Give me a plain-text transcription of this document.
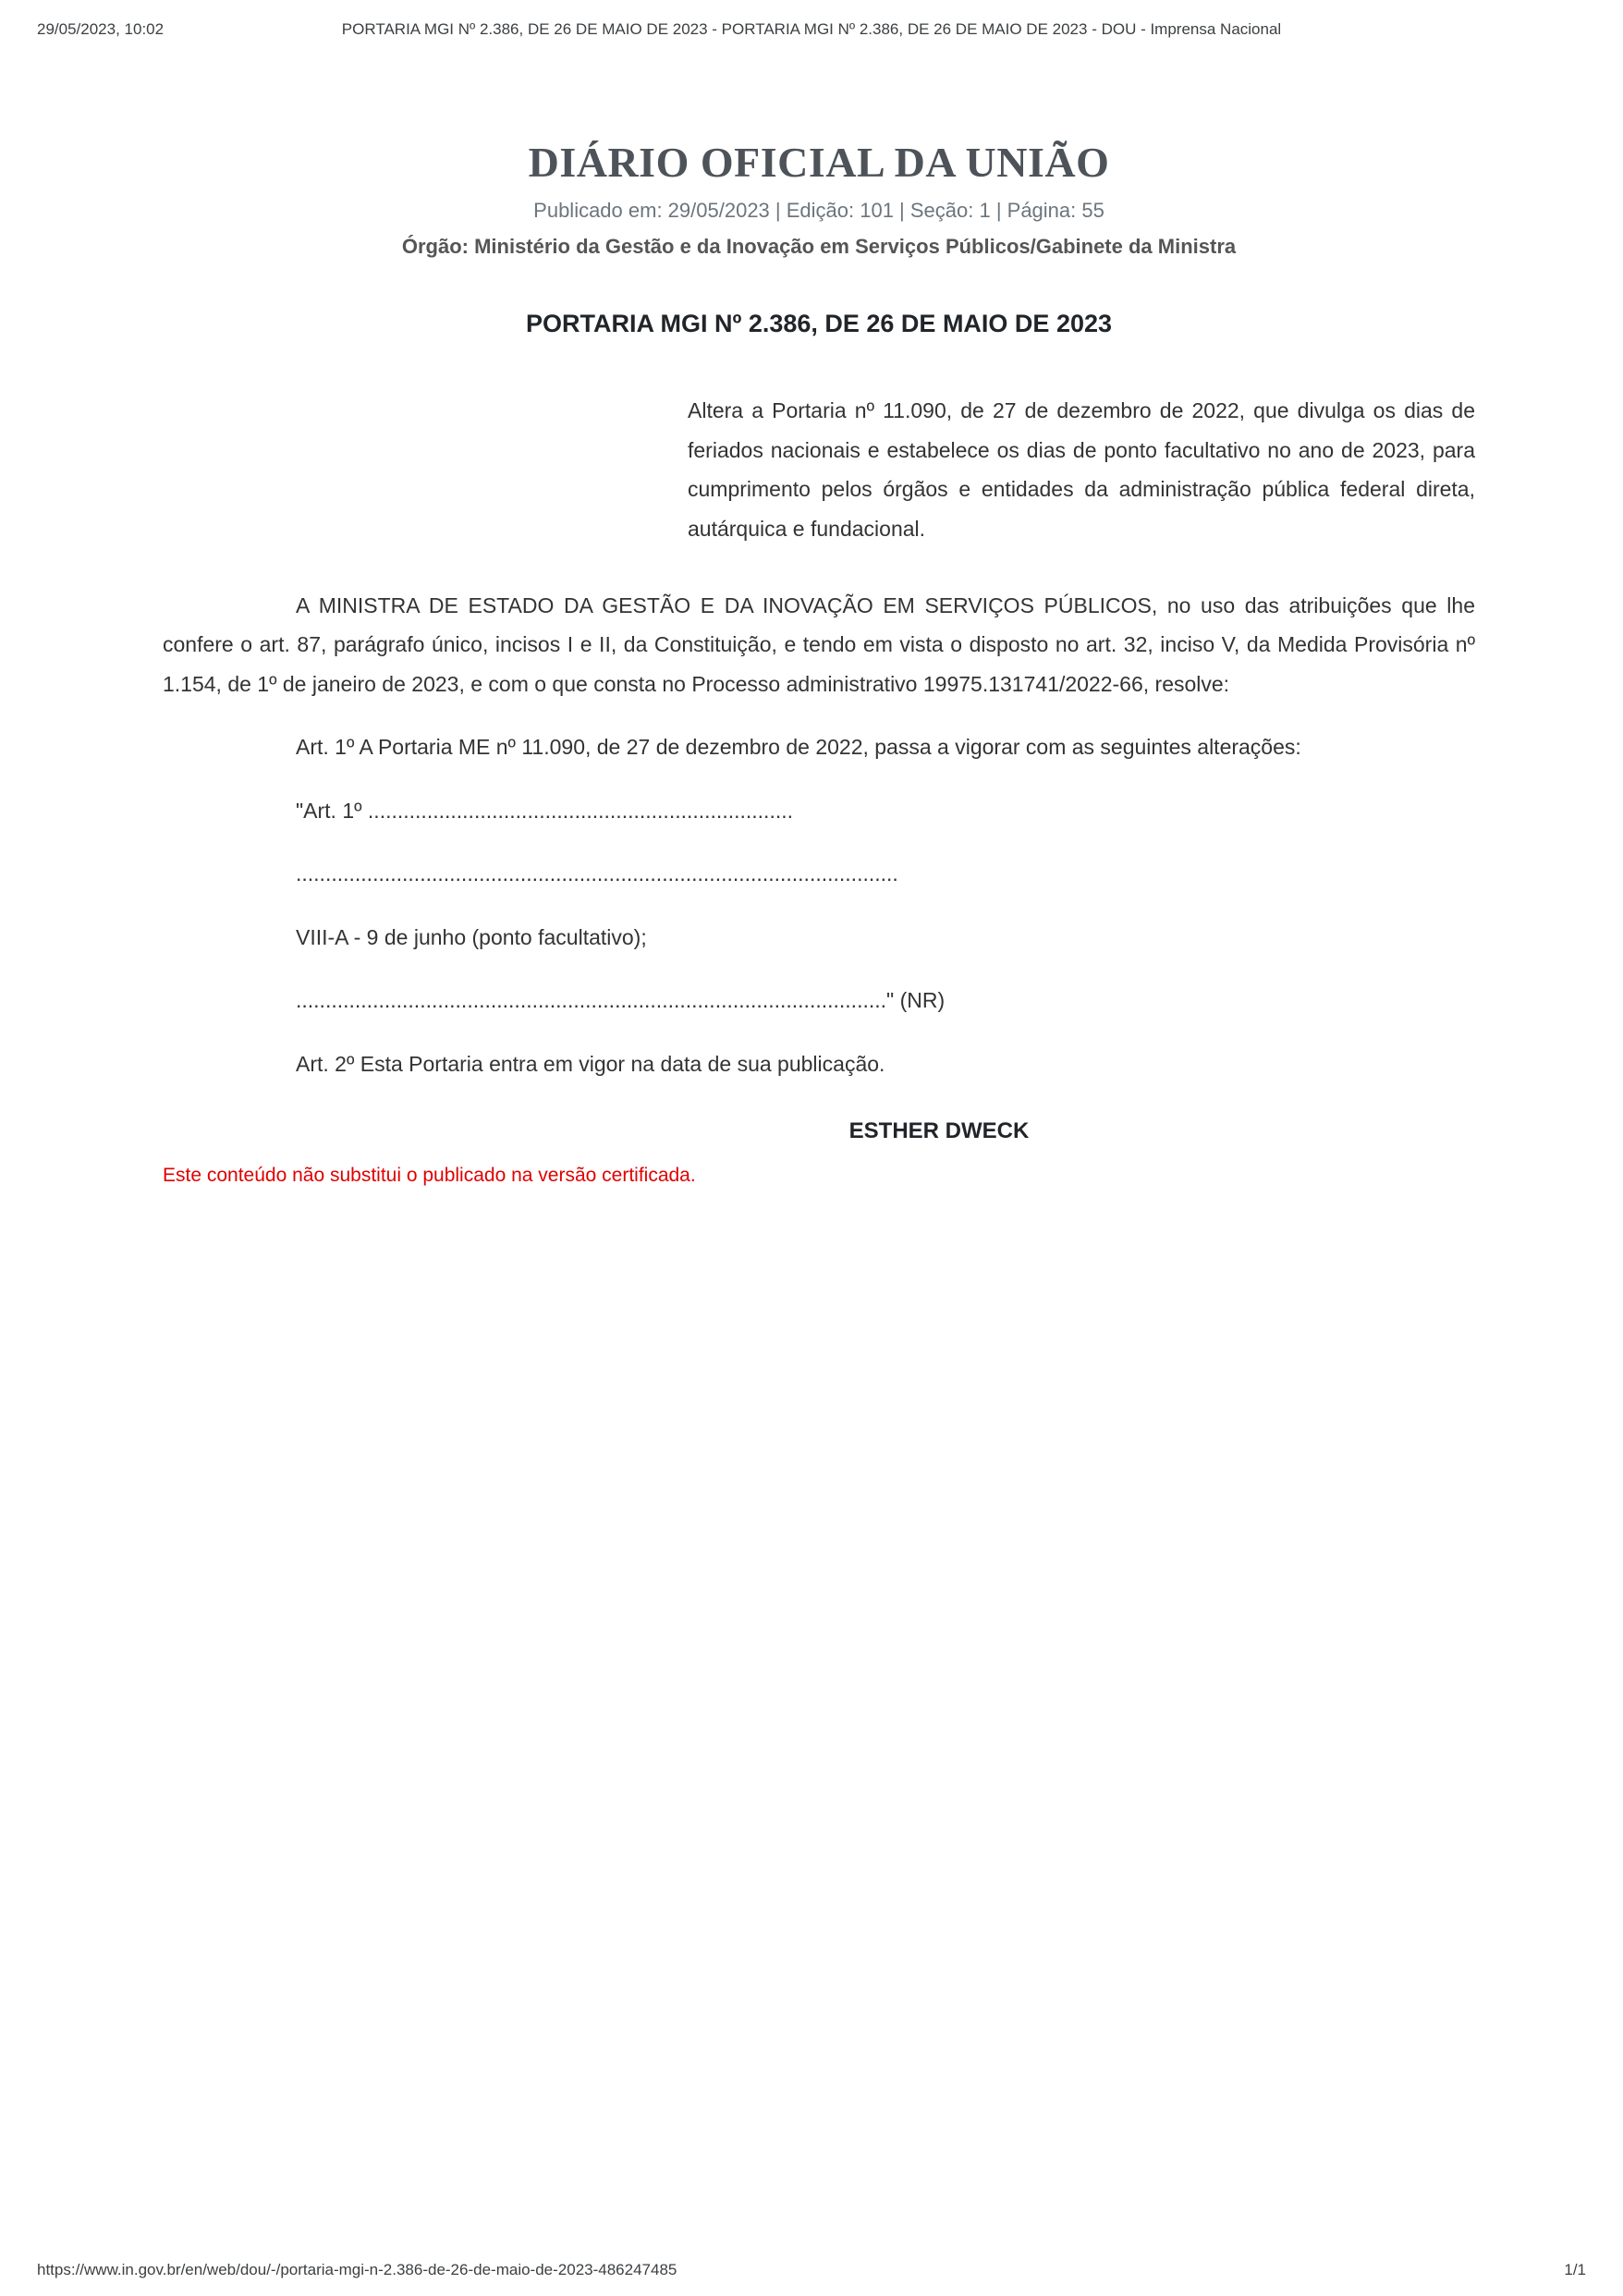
29/05/2023, 10:02	PORTARIA MGI Nº 2.386, DE 26 DE MAIO DE 2023 - PORTARIA MGI Nº 2.386, DE 26 DE MAIO DE 2023 - DOU - Imprensa Nacional
DIÁRIO OFICIAL DA UNIÃO

Publicado em: 29/05/2023 | Edição: 101 | Seção: 1 | Página: 55

Órgão: Ministério da Gestão e da Inovação em Serviços Públicos/Gabinete da Ministra

PORTARIA MGI Nº 2.386, DE 26 DE MAIO DE 2023

Altera a Portaria nº 11.090, de 27 de dezembro de 2022, que divulga os dias de feriados nacionais e estabelece os dias de ponto facultativo no ano de 2023, para cumprimento pelos órgãos e entidades da administração pública federal direta, autárquica e fundacional.

A MINISTRA DE ESTADO DA GESTÃO E DA INOVAÇÃO EM SERVIÇOS PÚBLICOS, no uso das atribuições que lhe confere o art. 87, parágrafo único, incisos I e II, da Constituição, e tendo em vista o disposto no art. 32, inciso V, da Medida Provisória nº 1.154, de 1º de janeiro de 2023, e com o que consta no Processo administrativo 19975.131741/2022-66, resolve:

Art. 1º A Portaria ME nº 11.090, de 27 de dezembro de 2022, passa a vigorar com as seguintes alterações:

"Art. 1º ........................................................................

......................................................................................................

VIII-A - 9 de junho (ponto facultativo);

...................................................................................................." (NR)

Art. 2º Esta Portaria entra em vigor na data de sua publicação.

ESTHER DWECK

Este conteúdo não substitui o publicado na versão certificada.

https://www.in.gov.br/en/web/dou/-/portaria-mgi-n-2.386-de-26-de-maio-de-2023-486247485	1/1
